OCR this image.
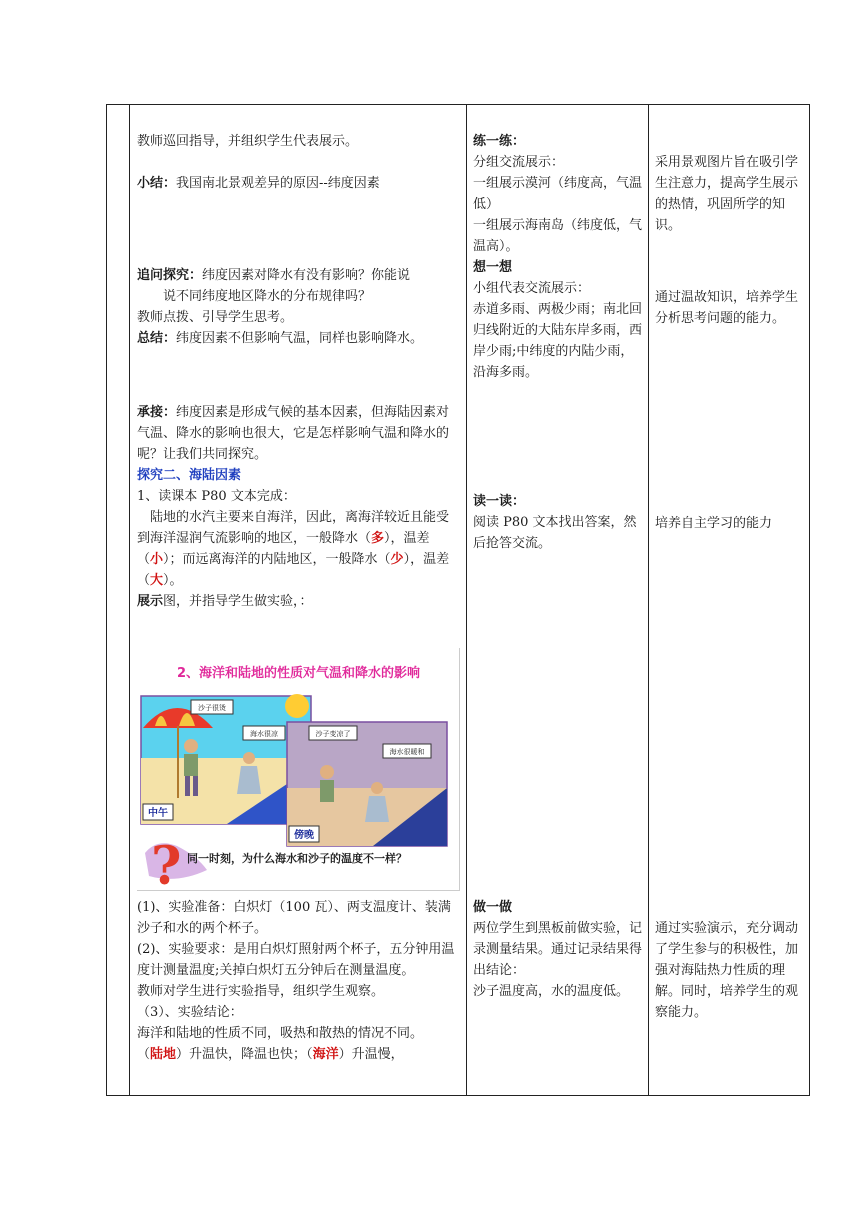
教师巡回指导，并组织学生代表展示。

小结：我国南北景观差异的原因--纬度因素

追问探究：纬度因素对降水有没有影响？你能说

说不同纬度地区降水的分布规律吗？

教师点拨、引导学生思考。

总结：纬度因素不但影响气温，同样也影响降水。

承接：纬度因素是形成气候的基本因素，但海陆因素对气温、降水的影响也很大，它是怎样影响气温和降水的呢？让我们共同探究。

探究二、海陆因素

1、读课本 P80 文本完成：

陆地的水汽主要来自海洋，因此，离海洋较近且能受到海洋湿润气流影响的地区，一般降水（多），温差（小）；而远离海洋的内陆地区，一般降水（少），温差（大）。

展示图，并指导学生做实验，：

2、海洋和陆地的性质对气温和降水的影响
沙子很烫
海水很凉
中午
沙子变凉了
海水很暖和
傍晚
? 同一时刻，为什么海水和沙子的温度不一样？

(1)、实验准备：白炽灯（100 瓦）、两支温度计、装满沙子和水的两个杯子。

(2)、实验要求：是用白炽灯照射两个杯子，五分钟用温度计测量温度;关掉白炽灯五分钟后在测量温度。

教师对学生进行实验指导，组织学生观察。

（3）、实验结论：

海洋和陆地的性质不同，吸热和散热的情况不同。

（陆地）升温快，降温也快；（海洋）升温慢，

练一练：

分组交流展示：

一组展示漠河（纬度高，气温低）

一组展示海南岛（纬度低，气温高）。

想一想

小组代表交流展示：

赤道多雨、两极少雨；南北回归线附近的大陆东岸多雨，西岸少雨;中纬度的内陆少雨，沿海多雨。

读一读：

阅读 P80 文本找出答案，然后抢答交流。

做一做

两位学生到黑板前做实验，记录测量结果。通过记录结果得出结论：

沙子温度高，水的温度低。

采用景观图片旨在吸引学生注意力，提高学生展示的热情，巩固所学的知识。
通过温故知识，培养学生分析思考问题的能力。
培养自主学习的能力
通过实验演示，充分调动了学生参与的积极性，加强对海陆热力性质的理解。同时，培养学生的观察能力。
